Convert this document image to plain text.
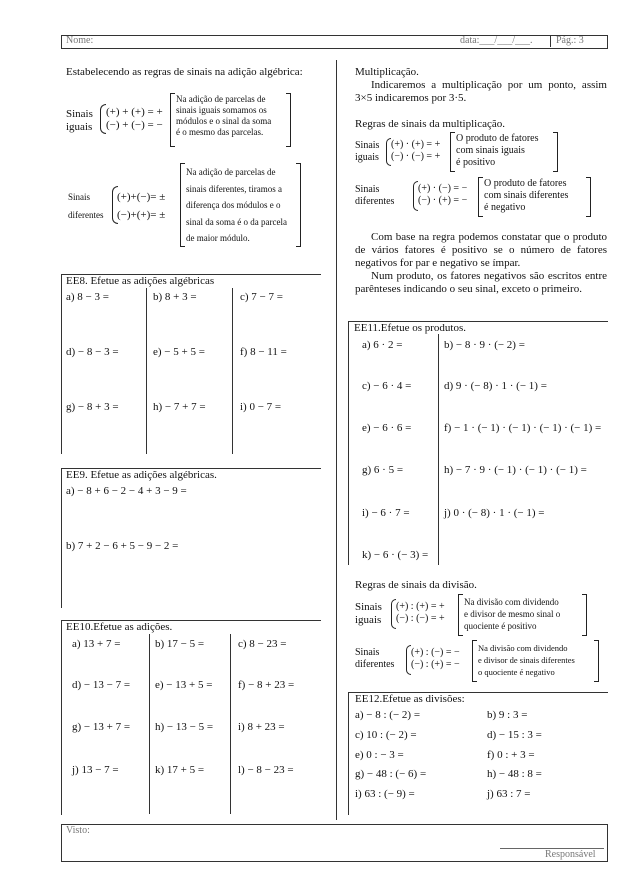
Nome:	data:___/___/___. Pág.: 3
Estabelecendo as regras de sinais na adição algébrica:
Sinais
iguais
(+) + (+) = +
(−) + (−) = −
Na adição de parcelas de
sinais iguais somamos os
módulos e o sinal da soma
é o mesmo das parcelas.
Sinais
diferentes
(+)+(−)= ±
(−)+(+)= ±
Na adição de parcelas de
sinais diferentes, tiramos a
diferença dos módulos e o
sinal da soma é o da parcela
de maior módulo.
EE8. Efetue as adições algébricas
a) 8 − 3 =	b) 8 + 3 =	c) 7 − 7 =
d) − 8 − 3 =	e) − 5 + 5 =	f) 8 − 11 =
g) − 8 + 3 =	h) − 7 + 7 =	i) 0 − 7 =
EE9. Efetue as adições algébricas.
a) − 8 + 6 − 2 − 4 + 3 − 9 =
b) 7 + 2 − 6 + 5 − 9 − 2 =
EE10.Efetue as adições.
a) 13 + 7 =	b) 17 − 5 =	c) 8 − 23 =
d) − 13 − 7 = e) − 13 + 5 = f) − 8 + 23 =
g) − 13 + 7 = h) − 13 − 5 = i) 8 + 23 =
j) 13 − 7 =	k) 17 + 5 =	l) − 8 − 23 =
Multiplicação.
Indicaremos a multiplicação por um ponto, assim 3×5 indicaremos por 3·5.
Regras de sinais da multiplicação.
Sinais
iguais
(+) · (+) = +
(−) · (−) = +
O produto de fatores
com sinais iguais
é positivo
Sinais
diferentes
(+) · (−) = −
(−) · (+) = −
O produto de fatores
com sinais diferentes
é negativo
Com base na regra podemos constatar que o produto de vários fatores é positivo se o número de fatores negativos for par e negativo se ímpar.
Num produto, os fatores negativos são escritos entre parênteses indicando o seu sinal, exceto o primeiro.
EE11.Efetue os produtos.
a) 6 · 2 =	b) − 8 · 9 · (− 2) =
c) − 6 · 4 =	d) 9 · (− 8) · 1 · (− 1) =
e) − 6 · 6 =	f) − 1 · (− 1) · (− 1) · (− 1) · (− 1) =
g) 6 · 5 =	h) − 7 · 9 · (− 1) · (− 1) · (− 1) =
i) − 6 · 7 =	j) 0 · (− 8) · 1 · (− 1) =
k) − 6 · (− 3) =
Regras de sinais da divisão.
Sinais
iguais
(+) : (+) = +
(−) : (−) = +
Na divisão com dividendo
e divisor de mesmo sinal o
quociente é positivo
Sinais
diferentes
(+) : (−) = −
(−) : (+) = −
Na divisão com dividendo
e divisor de sinais diferentes
o quociente é negativo
EE12.Efetue as divisões:
a) − 8 : (− 2) =	b) 9 : 3 =
c) 10 : (− 2) =	d) − 15 : 3 =
e) 0 : − 3 =	f) 0 : + 3 =
g) − 48 : (− 6) =	h) − 48 : 8 =
i) 63 : (− 9) =	j) 63 : 7 =
Visto:
Responsável
